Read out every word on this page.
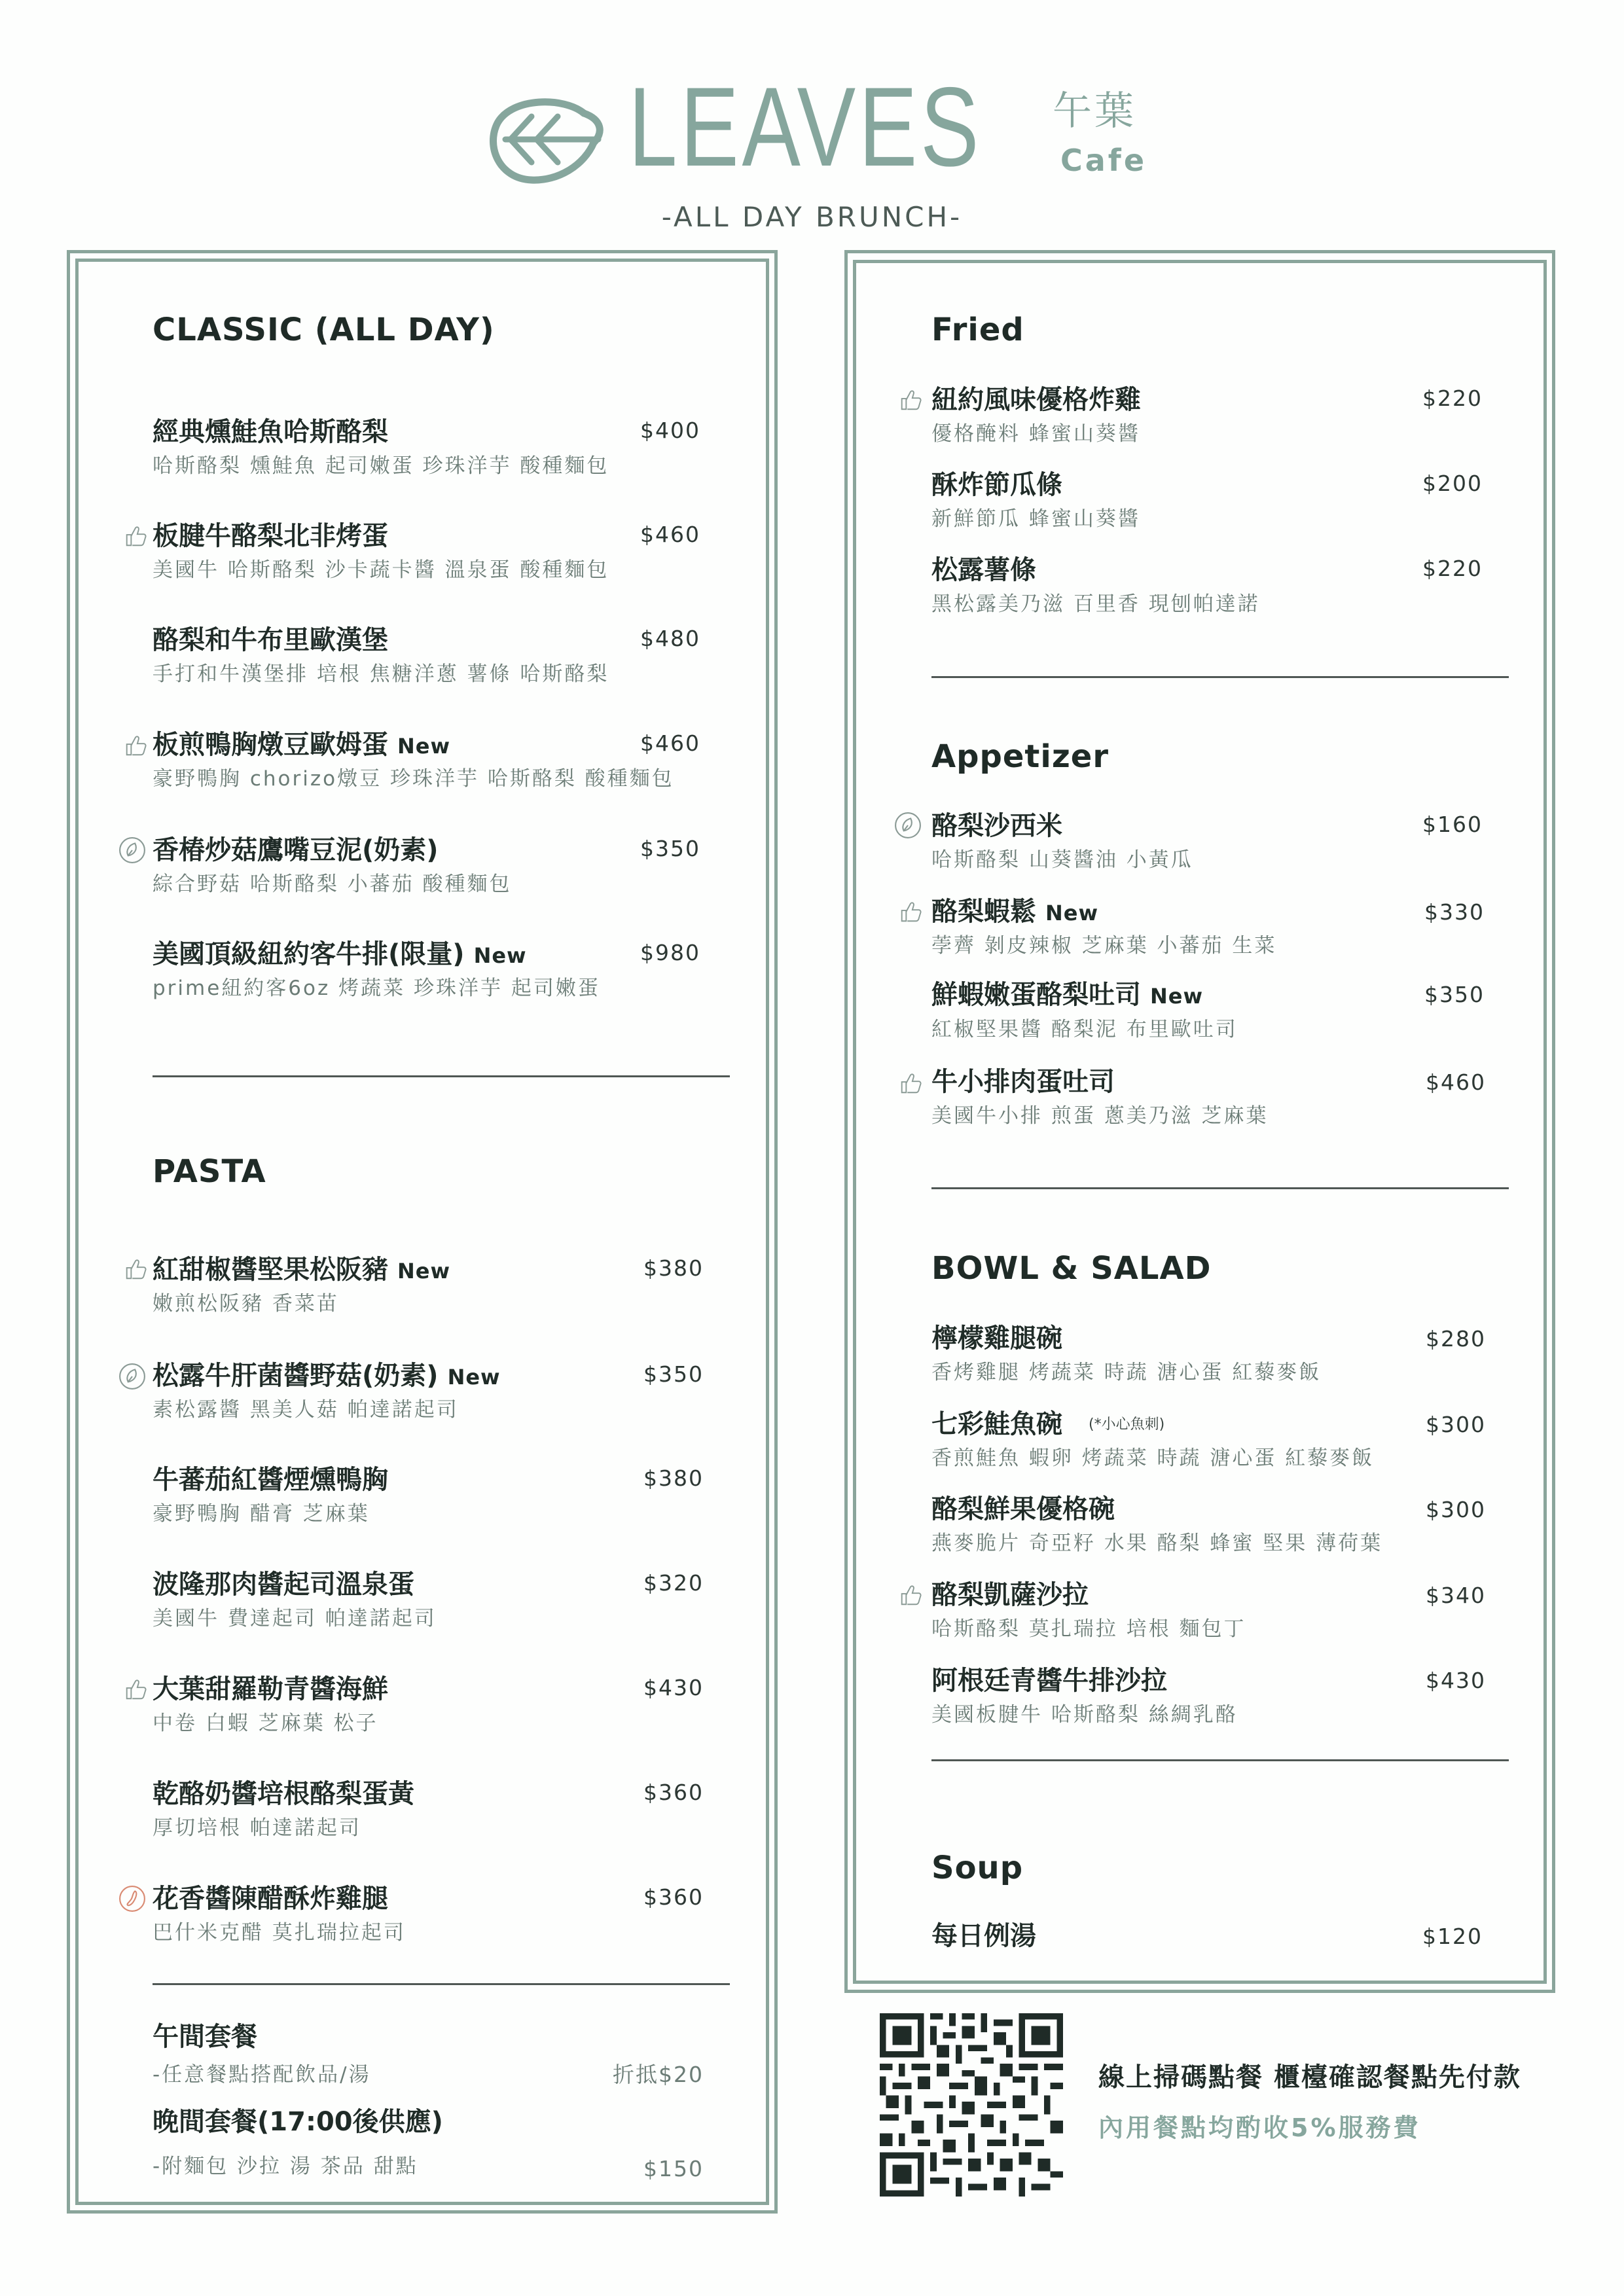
LEAVES 午葉
Cafe
-ALL DAY BRUNCH-
CLASSIC (ALL DAY)
經典燻鮭魚哈斯酪梨	$400
哈斯酪梨 燻鮭魚 起司嫩蛋 珍珠洋芋 酸種麵包
板腱牛酪梨北非烤蛋	$460
美國牛 哈斯酪梨 沙卡蔬卡醬 溫泉蛋 酸種麵包
酪梨和牛布里歐漢堡	$480
手打和牛漢堡排 培根 焦糖洋蔥 薯條 哈斯酪梨
板煎鴨胸燉豆歐姆蛋 New	$460
豪野鴨胸 chorizo燉豆 珍珠洋芋 哈斯酪梨 酸種麵包
香椿炒菇鷹嘴豆泥(奶素)	$350
綜合野菇 哈斯酪梨 小蕃茄 酸種麵包
美國頂級紐約客牛排(限量) New	$980
prime紐約客6oz 烤蔬菜 珍珠洋芋 起司嫩蛋
PASTA
紅甜椒醬堅果松阪豬 New	$380
嫩煎松阪豬 香菜苗
松露牛肝菌醬野菇(奶素) New	$350
素松露醬 黑美人菇 帕達諾起司
牛蕃茄紅醬煙燻鴨胸	$380
豪野鴨胸 醋膏 芝麻葉
波隆那肉醬起司溫泉蛋	$320
美國牛 費達起司 帕達諾起司
大葉甜羅勒青醬海鮮	$430
中卷 白蝦 芝麻葉 松子
乾酪奶醬培根酪梨蛋黃	$360
厚切培根 帕達諾起司
花香醬陳醋酥炸雞腿	$360
巴什米克醋 莫扎瑞拉起司
午間套餐
-任意餐點搭配飲品/湯	折抵$20
晚間套餐(17:00後供應)
-附麵包 沙拉 湯 茶品 甜點	$150
Fried
紐約風味優格炸雞	$220
優格醃料 蜂蜜山葵醬
酥炸節瓜條	$200
新鮮節瓜 蜂蜜山葵醬
松露薯條	$220
黑松露美乃滋 百里香 現刨帕達諾
Appetizer
酪梨沙西米	$160
哈斯酪梨 山葵醬油 小黃瓜
酪梨蝦鬆 New	$330
荸薺 剝皮辣椒 芝麻葉 小蕃茄 生菜
鮮蝦嫩蛋酪梨吐司 New	$350
紅椒堅果醬 酪梨泥 布里歐吐司
牛小排肉蛋吐司	$460
美國牛小排 煎蛋 蔥美乃滋 芝麻葉
BOWL & SALAD
檸檬雞腿碗	$280
香烤雞腿 烤蔬菜 時蔬 溏心蛋 紅藜麥飯
七彩鮭魚碗 (*小心魚刺)	$300
香煎鮭魚 蝦卵 烤蔬菜 時蔬 溏心蛋 紅藜麥飯
酪梨鮮果優格碗	$300
燕麥脆片 奇亞籽 水果 酪梨 蜂蜜 堅果 薄荷葉
酪梨凱薩沙拉	$340
哈斯酪梨 莫扎瑞拉 培根 麵包丁
阿根廷青醬牛排沙拉	$430
美國板腱牛 哈斯酪梨 絲綢乳酪
Soup
每日例湯	$120
線上掃碼點餐 櫃檯確認餐點先付款
內用餐點均酌收5%服務費
